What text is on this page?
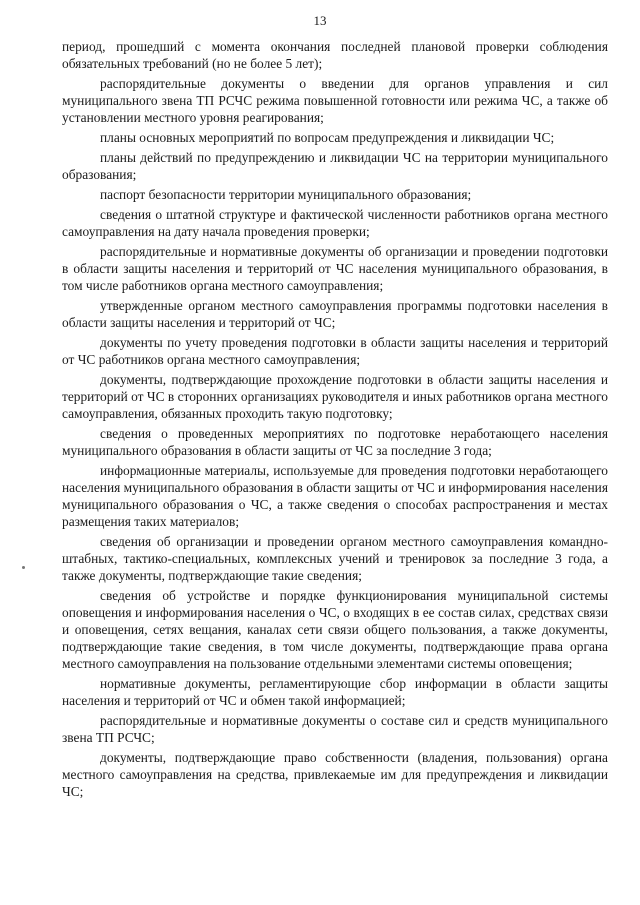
13

период, прошедший с момента окончания последней плановой проверки соблюдения обязательных требований (но не более 5 лет);

распорядительные документы о введении для органов управления и сил муниципального звена ТП РСЧС режима повышенной готовности или режима ЧС, а также об установлении местного уровня реагирования;

планы основных мероприятий по вопросам предупреждения и ликвидации ЧС;

планы действий по предупреждению и ликвидации ЧС на территории муниципального образования;

паспорт безопасности территории муниципального образования;

сведения о штатной структуре и фактической численности работников органа местного самоуправления на дату начала проведения проверки;

распорядительные и нормативные документы об организации и проведении подготовки в области защиты населения и территорий от ЧС населения муниципального образования, в том числе работников органа местного самоуправления;

утвержденные органом местного самоуправления программы подготовки населения в области защиты населения и территорий от ЧС;

документы по учету проведения подготовки в области защиты населения и территорий от ЧС работников органа местного самоуправления;

документы, подтверждающие прохождение подготовки в области защиты населения и территорий от ЧС в сторонних организациях руководителя и иных работников органа местного самоуправления, обязанных проходить такую подготовку;

сведения о проведенных мероприятиях по подготовке неработающего населения муниципального образования в области защиты от ЧС за последние 3 года;

информационные материалы, используемые для проведения подготовки неработающего населения муниципального образования в области защиты от ЧС и информирования населения муниципального образования о ЧС, а также сведения о способах распространения и местах размещения таких материалов;

сведения об организации и проведении органом местного самоуправления командно-штабных, тактико-специальных, комплексных учений и тренировок за последние 3 года, а также документы, подтверждающие такие сведения;

сведения об устройстве и порядке функционирования муниципальной системы оповещения и информирования населения о ЧС, о входящих в ее состав силах, средствах связи и оповещения, сетях вещания, каналах сети связи общего пользования, а также документы, подтверждающие такие сведения, в том числе документы, подтверждающие права органа местного самоуправления на пользование отдельными элементами системы оповещения;

нормативные документы, регламентирующие сбор информации в области защиты населения и территорий от ЧС и обмен такой информацией;

распорядительные и нормативные документы о составе сил и средств муниципального звена ТП РСЧС;

документы, подтверждающие право собственности (владения, пользования) органа местного самоуправления на средства, привлекаемые им для предупреждения и ликвидации ЧС;
